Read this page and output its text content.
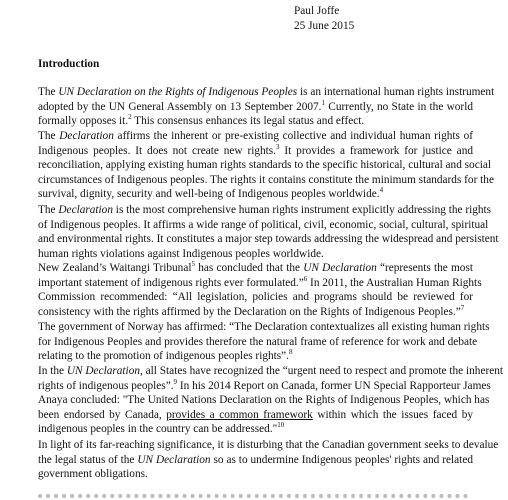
Paul Joffe
25 June 2015
Introduction
The UN Declaration on the Rights of Indigenous Peoples is an international human rights instrument
adopted by the UN General Assembly on 13 September 2007.$^1$ Currently, no State in the world
formally opposes it.$^2$ This consensus enhances its legal status and effect.
The Declaration affirms the inherent or pre-existing collective and individual human rights of
Indigenous peoples. It does not create new rights.$^3$ It provides a framework for justice and
reconciliation, applying existing human rights standards to the specific historical, cultural and social
circumstances of Indigenous peoples. The rights it contains constitute the minimum standards for the
survival, dignity, security and well-being of Indigenous peoples worldwide.$^4$
The Declaration is the most comprehensive human rights instrument explicitly addressing the rights
of Indigenous peoples. It affirms a wide range of political, civil, economic, social, cultural, spiritual
and environmental rights. It constitutes a major step towards addressing the widespread and persistent
human rights violations against Indigenous peoples worldwide.
New Zealand’s Waitangi Tribunal$^5$ has concluded that the UN Declaration “represents the most
important statement of indigenous rights ever formulated.”$^6$ In 2011, the Australian Human Rights
Commission recommended: “All legislation, policies and programs should be reviewed for
consistency with the rights affirmed by the Declaration on the Rights of Indigenous Peoples.”$^7$
The government of Norway has affirmed: “The Declaration contextualizes all existing human rights
for Indigenous Peoples and provides therefore the natural frame of reference for work and debate
relating to the promotion of indigenous peoples rights”.$^8$
In the UN Declaration, all States have recognized the “urgent need to respect and promote the inherent
rights of indigenous peoples”.$^9$ In his 2014 Report on Canada, former UN Special Rapporteur James
Anaya concluded: "The United Nations Declaration on the Rights of Indigenous Peoples, which has
been endorsed by Canada, provides a common framework within which the issues faced by
indigenous peoples in the country can be addressed."$^{10}$
In light of its far-reaching significance, it is disturbing that the Canadian government seeks to devalue
the legal status of the UN Declaration so as to undermine Indigenous peoples' rights and related
government obligations.
